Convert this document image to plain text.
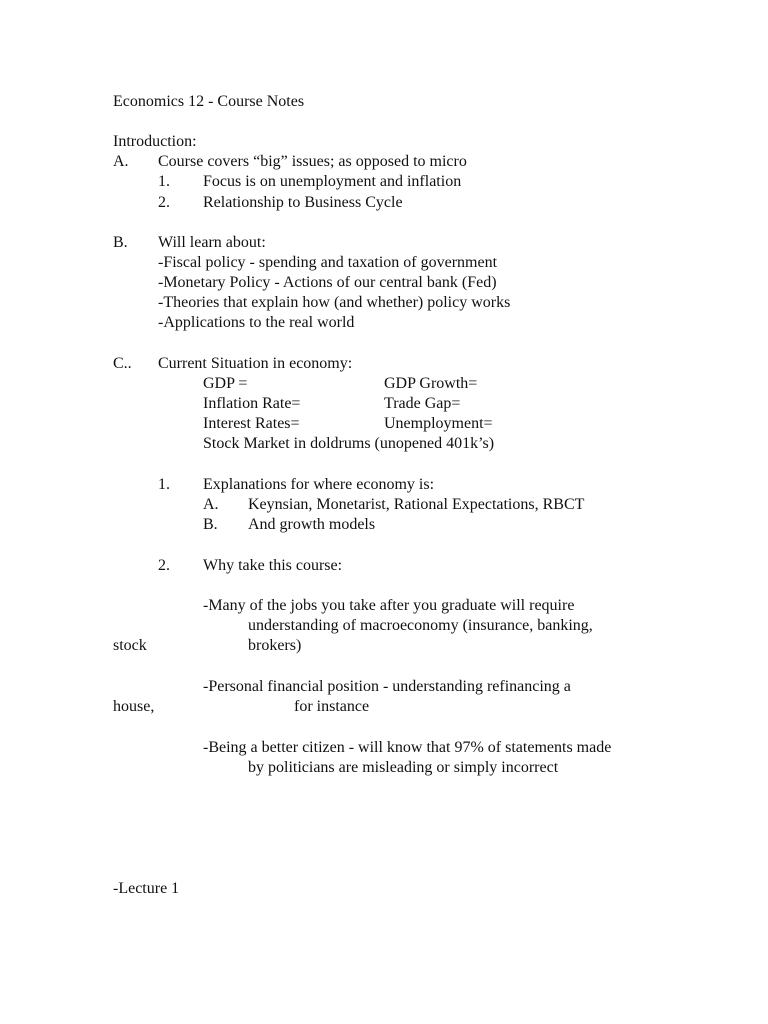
Economics 12 - Course Notes
Introduction:
A. Course covers “big” issues; as opposed to micro
1. Focus is on unemployment and inflation
2. Relationship to Business Cycle
B. Will learn about:
-Fiscal policy - spending and taxation of government
-Monetary Policy - Actions of our central bank (Fed)
-Theories that explain how (and whether) policy works
-Applications to the real world
C.. Current Situation in economy:
GDP =	GDP Growth=
Inflation Rate=	Trade Gap=
Interest Rates=	Unemployment=
Stock Market in doldrums (unopened 401k’s)
1. Explanations for where economy is:
A. Keynsian, Monetarist, Rational Expectations, RBCT
B. And growth models
2. Why take this course:
-Many of the jobs you take after you graduate will require
understanding of macroeconomy (insurance, banking,
stock	brokers)
-Personal financial position - understanding refinancing a
house,	for instance
-Being a better citizen - will know that 97% of statements made
by politicians are misleading or simply incorrect
-Lecture 1
